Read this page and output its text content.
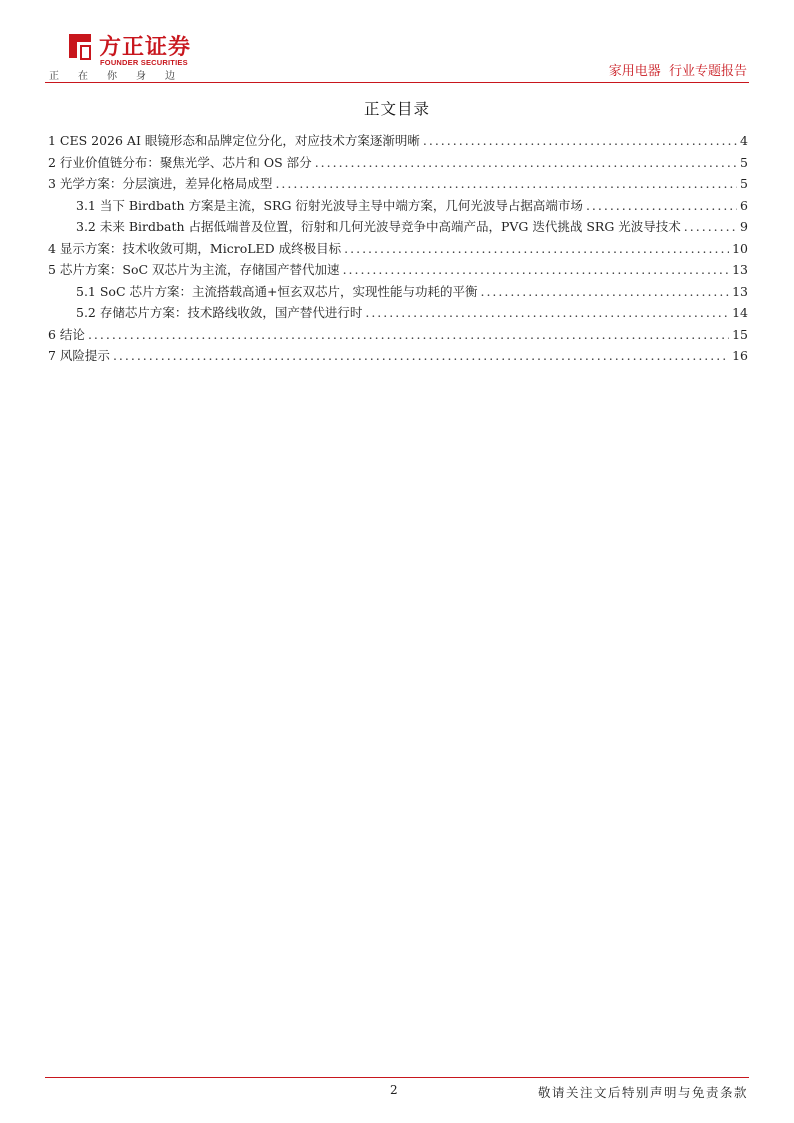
方正证券
FOUNDER SECURITIES
正 在 你 身 边	家用电器  行业专题报告
正文目录
1 CES 2026 AI 眼镜形态和品牌定位分化，对应技术方案逐渐明晰 .....	4
2 行业价值链分布：聚焦光学、芯片和 OS 部分 .....	5
3 光学方案：分层演进，差异化格局成型 .....	5
3.1 当下 Birdbath 方案是主流，SRG 衍射光波导主导中端方案，几何光波导占据高端市场 .....	6
3.2 未来 Birdbath 占据低端普及位置，衍射和几何光波导竞争中高端产品，PVG 迭代挑战 SRG 光波导技术 .....	9
4 显示方案：技术收敛可期，MicroLED 成终极目标 .....	10
5 芯片方案：SoC 双芯片为主流，存储国产替代加速 .....	13
5.1 SoC 芯片方案：主流搭载高通+恒玄双芯片，实现性能与功耗的平衡 .....	13
5.2 存储芯片方案：技术路线收敛，国产替代进行时 .....	14
6 结论 .....	15
7 风险提示 .....	16
2	敬请关注文后特别声明与免责条款
